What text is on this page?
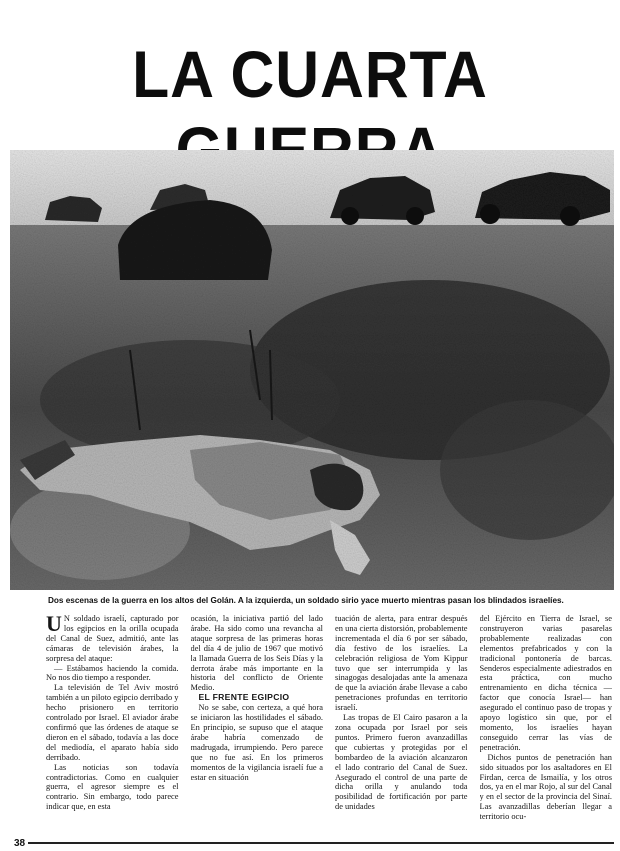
LA CUARTA
Dos escenas de la guerra en los altos del Golán. A la izquierda, un soldado sirio yace muerto mientras pasan los blindados israelíes.

U N soldado israelí, capturado por los egipcios en la orilla ocupada del Canal de Suez, admitió, ante las cámaras de televisión árabes, la sorpresa del ataque:

— Estábamos haciendo la comida. No nos dio tiempo a responder.

La televisión de Tel Aviv mostró también a un piloto egipcio derribado y hecho prisionero en territorio controlado por Israel. El aviador árabe confirmó que las órdenes de ataque se dieron en el sábado, todavía a las doce del mediodía, el aparato había sido derribado.

Las noticias son todavía contradictorias. Como en cualquier guerra, el agresor siempre es el contrario. Sin embargo, todo parece indicar que, en esta

ocasión, la iniciativa partió del lado árabe. Ha sido como una revancha al ataque sorpresa de las primeras horas del día 4 de julio de 1967 que motivó la llamada Guerra de los Seis Días y la derrota árabe más importante en la historia del conflicto de Oriente Medio.

EL FRENTE EGIPCIO

No se sabe, con certeza, a qué hora se iniciaron las hostilidades el sábado. En principio, se supuso que el ataque árabe habría comenzado de madrugada, irrumpiendo. Pero parece que no fue así. En los primeros momentos de la vigilancia israelí fue a estar en situación

tuación de alerta, para entrar después en una cierta distorsión, probablemente incrementada el día 6 por ser sábado, día festivo de los israelíes. La celebración religiosa de Yom Kippur tuvo que ser interrumpida y las sinagogas desalojadas ante la amenaza de que la aviación árabe llevase a cabo penetraciones profundas en territorio israelí.

Las tropas de El Cairo pasaron a la zona ocupada por Israel por seis puntos. Primero fueron avanzadillas que cubiertas y protegidas por el bombardeo de la aviación alcanzaron el lado contrario del Canal de Suez. Asegurado el control de una parte de dicha orilla y anulando toda posibilidad de fortificación por parte de unidades

del Ejército en Tierra de Israel, se construyeron varias pasarelas probablemente realizadas con elementos prefabricados y con la tradicional pontonería de barcas. Senderos especialmente adiestrados en esta práctica, con mucho entrenamiento en dicha técnica —factor que conocía Israel— han asegurado el continuo paso de tropas y apoyo logístico sin que, por el momento, los israelíes hayan conseguido cerrar las vías de penetración.

Dichos puntos de penetración han sido situados por los asaltadores en El Firdan, cerca de Ismailía, y los otros dos, ya en el mar Rojo, al sur del Canal y en el sector de la provincia del Sinaí. Las avanzadillas deberían llegar a territorio ocu-

38
